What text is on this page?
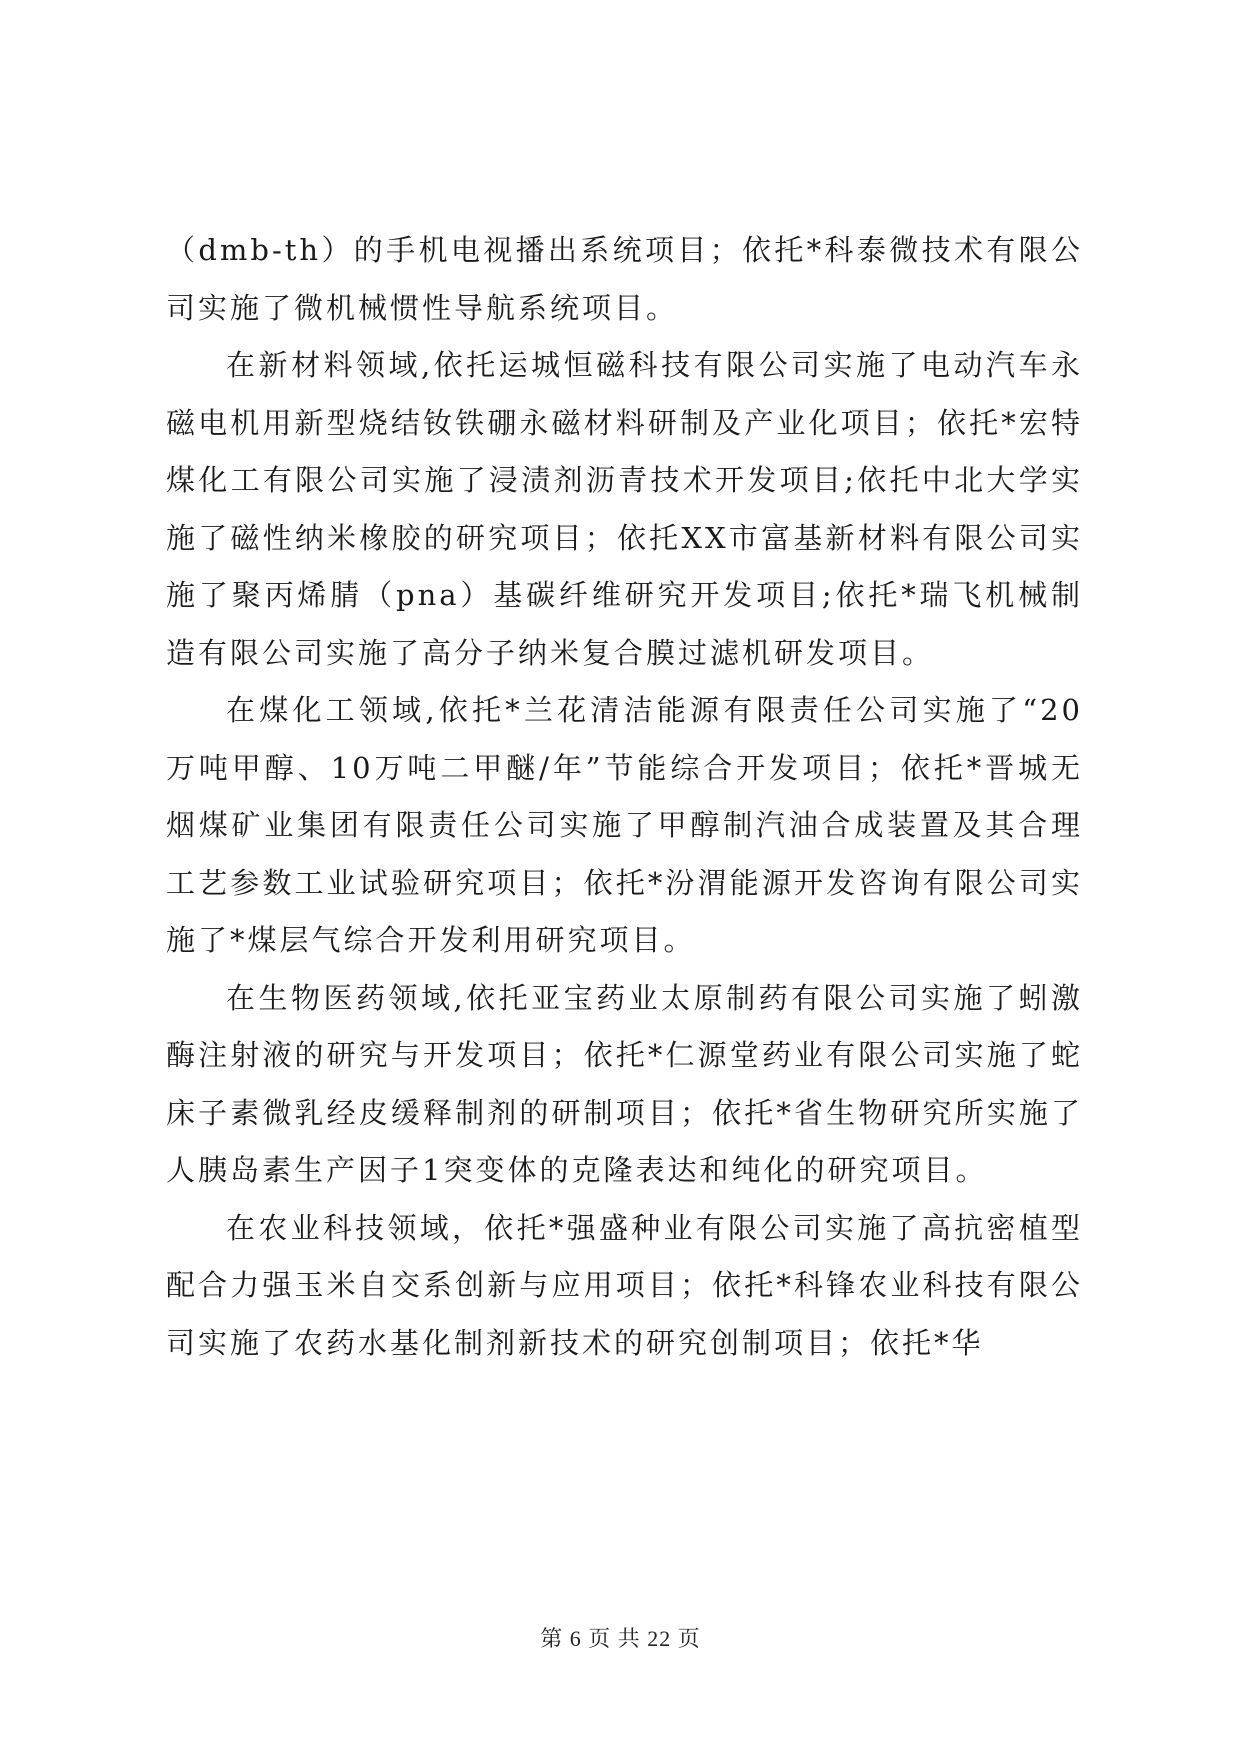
（dmb-th）的手机电视播出系统项目；依托*科泰微技术有限公司实施了微机械惯性导航系统项目。

在新材料领域,依托运城恒磁科技有限公司实施了电动汽车永磁电机用新型烧结钕铁硼永磁材料研制及产业化项目；依托*宏特煤化工有限公司实施了浸渍剂沥青技术开发项目;依托中北大学实施了磁性纳米橡胶的研究项目；依托XX市富基新材料有限公司实施了聚丙烯腈（pna）基碳纤维研究开发项目;依托*瑞飞机械制造有限公司实施了高分子纳米复合膜过滤机研发项目。

在煤化工领域,依托*兰花清洁能源有限责任公司实施了“20万吨甲醇、10万吨二甲醚/年”节能综合开发项目；依托*晋城无烟煤矿业集团有限责任公司实施了甲醇制汽油合成装置及其合理工艺参数工业试验研究项目；依托*汾渭能源开发咨询有限公司实施了*煤层气综合开发利用研究项目。

在生物医药领域,依托亚宝药业太原制药有限公司实施了蚓激酶注射液的研究与开发项目；依托*仁源堂药业有限公司实施了蛇床子素微乳经皮缓释制剂的研制项目；依托*省生物研究所实施了人胰岛素生产因子1突变体的克隆表达和纯化的研究项目。

在农业科技领域，依托*强盛种业有限公司实施了高抗密植型配合力强玉米自交系创新与应用项目；依托*科锋农业科技有限公司实施了农药水基化制剂新技术的研究创制项目；依托*华

第 6 页 共 22 页
